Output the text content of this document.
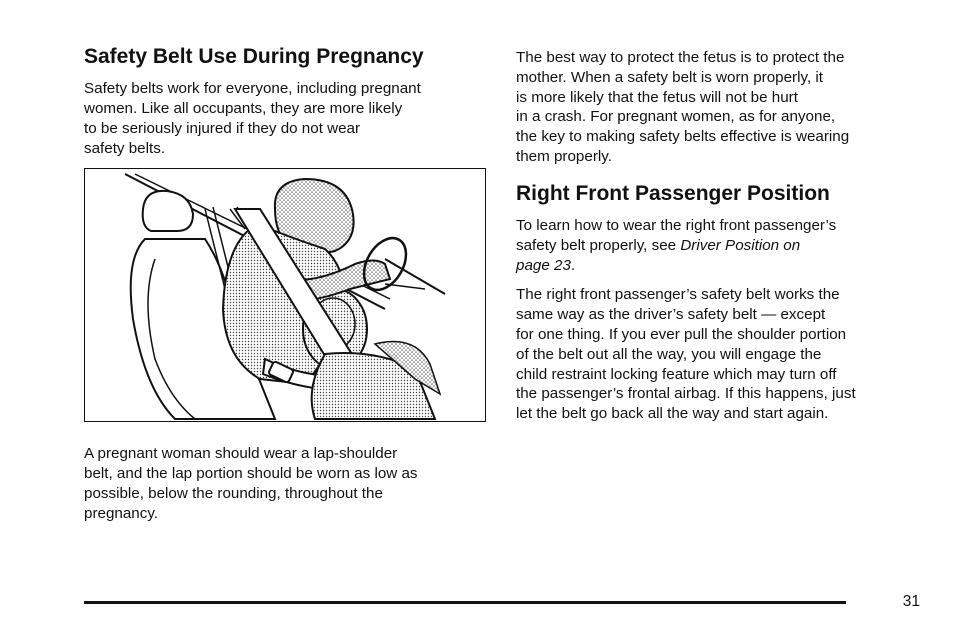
Safety Belt Use During Pregnancy

Safety belts work for everyone, including pregnant
women. Like all occupants, they are more likely
to be seriously injured if they do not wear
safety belts.

A pregnant woman should wear a lap-shoulder
belt, and the lap portion should be worn as low as
possible, below the rounding, throughout the
pregnancy.

The best way to protect the fetus is to protect the
mother. When a safety belt is worn properly, it
is more likely that the fetus will not be hurt
in a crash. For pregnant women, as for anyone,
the key to making safety belts effective is wearing
them properly.

Right Front Passenger Position

To learn how to wear the right front passenger’s
safety belt properly, see Driver Position on
page 23.

The right front passenger’s safety belt works the
same way as the driver’s safety belt — except
for one thing. If you ever pull the shoulder portion
of the belt out all the way, you will engage the
child restraint locking feature which may turn off
the passenger’s frontal airbag. If this happens, just
let the belt go back all the way and start again.

31
